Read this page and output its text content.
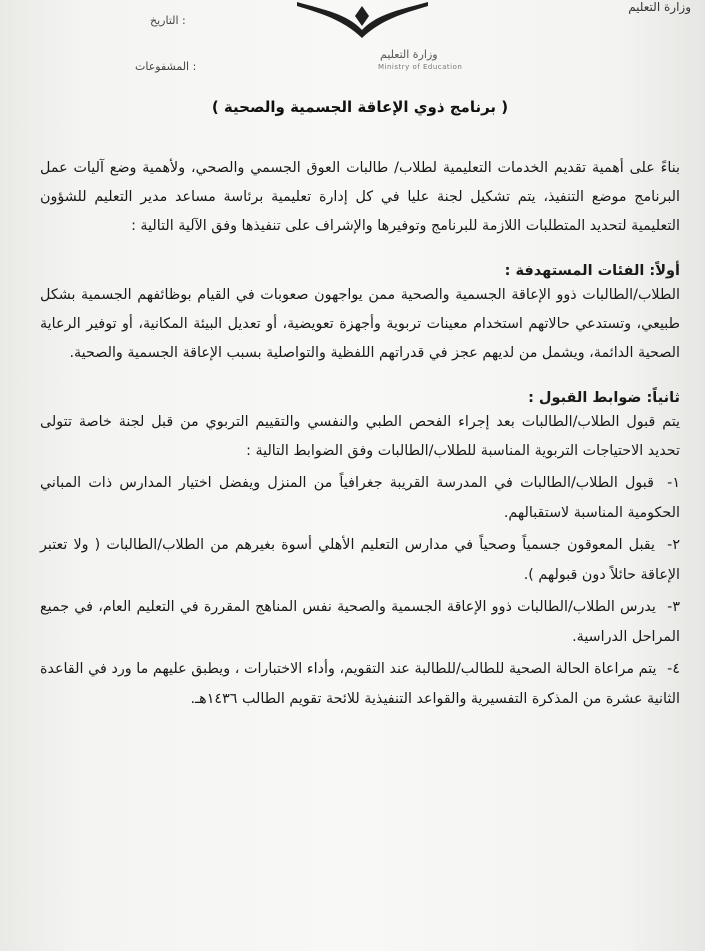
وزارة التعليم
التاريخ :
المشفوعات :
وزارة التعليم
Ministry of Education
( برنامج ذوي الإعاقة الجسمية والصحية )

بناءً على أهمية تقديم الخدمات التعليمية لطلاب/ طالبات العوق الجسمي والصحي، ولأهمية وضع آليات عمل البرنامج موضع التنفيذ، يتم تشكيل لجنة عليا في كل إدارة تعليمية برئاسة مساعد مدير التعليم للشؤون التعليمية لتحديد المتطلبات اللازمة للبرنامج وتوفيرها والإشراف على تنفيذها وفق الآلية التالية :

أولاً: الفئات المستهدفة :

الطلاب/الطالبات ذوو الإعاقة الجسمية والصحية ممن يواجهون صعوبات في القيام بوظائفهم الجسمية بشكل طبيعي، وتستدعي حالاتهم استخدام معينات تربوية وأجهزة تعويضية، أو تعديل البيئة المكانية، أو توفير الرعاية الصحية الدائمة، ويشمل من لديهم عجز في قدراتهم اللفظية والتواصلية بسبب الإعاقة الجسمية والصحية.

ثانياً: ضوابط القبول :

يتم قبول الطلاب/الطالبات بعد إجراء الفحص الطبي والنفسي والتقييم التربوي من قبل لجنة خاصة تتولى تحديد الاحتياجات التربوية المناسبة للطلاب/الطالبات وفق الضوابط التالية :

١- قبول الطلاب/الطالبات في المدرسة القريبة جغرافياً من المنزل ويفضل اختيار المدارس ذات المباني الحكومية المناسبة لاستقبالهم.
٢- يقبل المعوقون جسمياً وصحياً في مدارس التعليم الأهلي أسوة بغيرهم من الطلاب/الطالبات ( ولا تعتبر الإعاقة حائلاً دون قبولهم ).
٣- يدرس الطلاب/الطالبات ذوو الإعاقة الجسمية والصحية نفس المناهج المقررة في التعليم العام، في جميع المراحل الدراسية.
٤- يتم مراعاة الحالة الصحية للطالب/للطالبة عند التقويم، وأداء الاختبارات ، ويطبق عليهم ما ورد في القاعدة الثانية عشرة من المذكرة التفسيرية والقواعد التنفيذية للائحة تقويم الطالب ١٤٣٦هـ.
